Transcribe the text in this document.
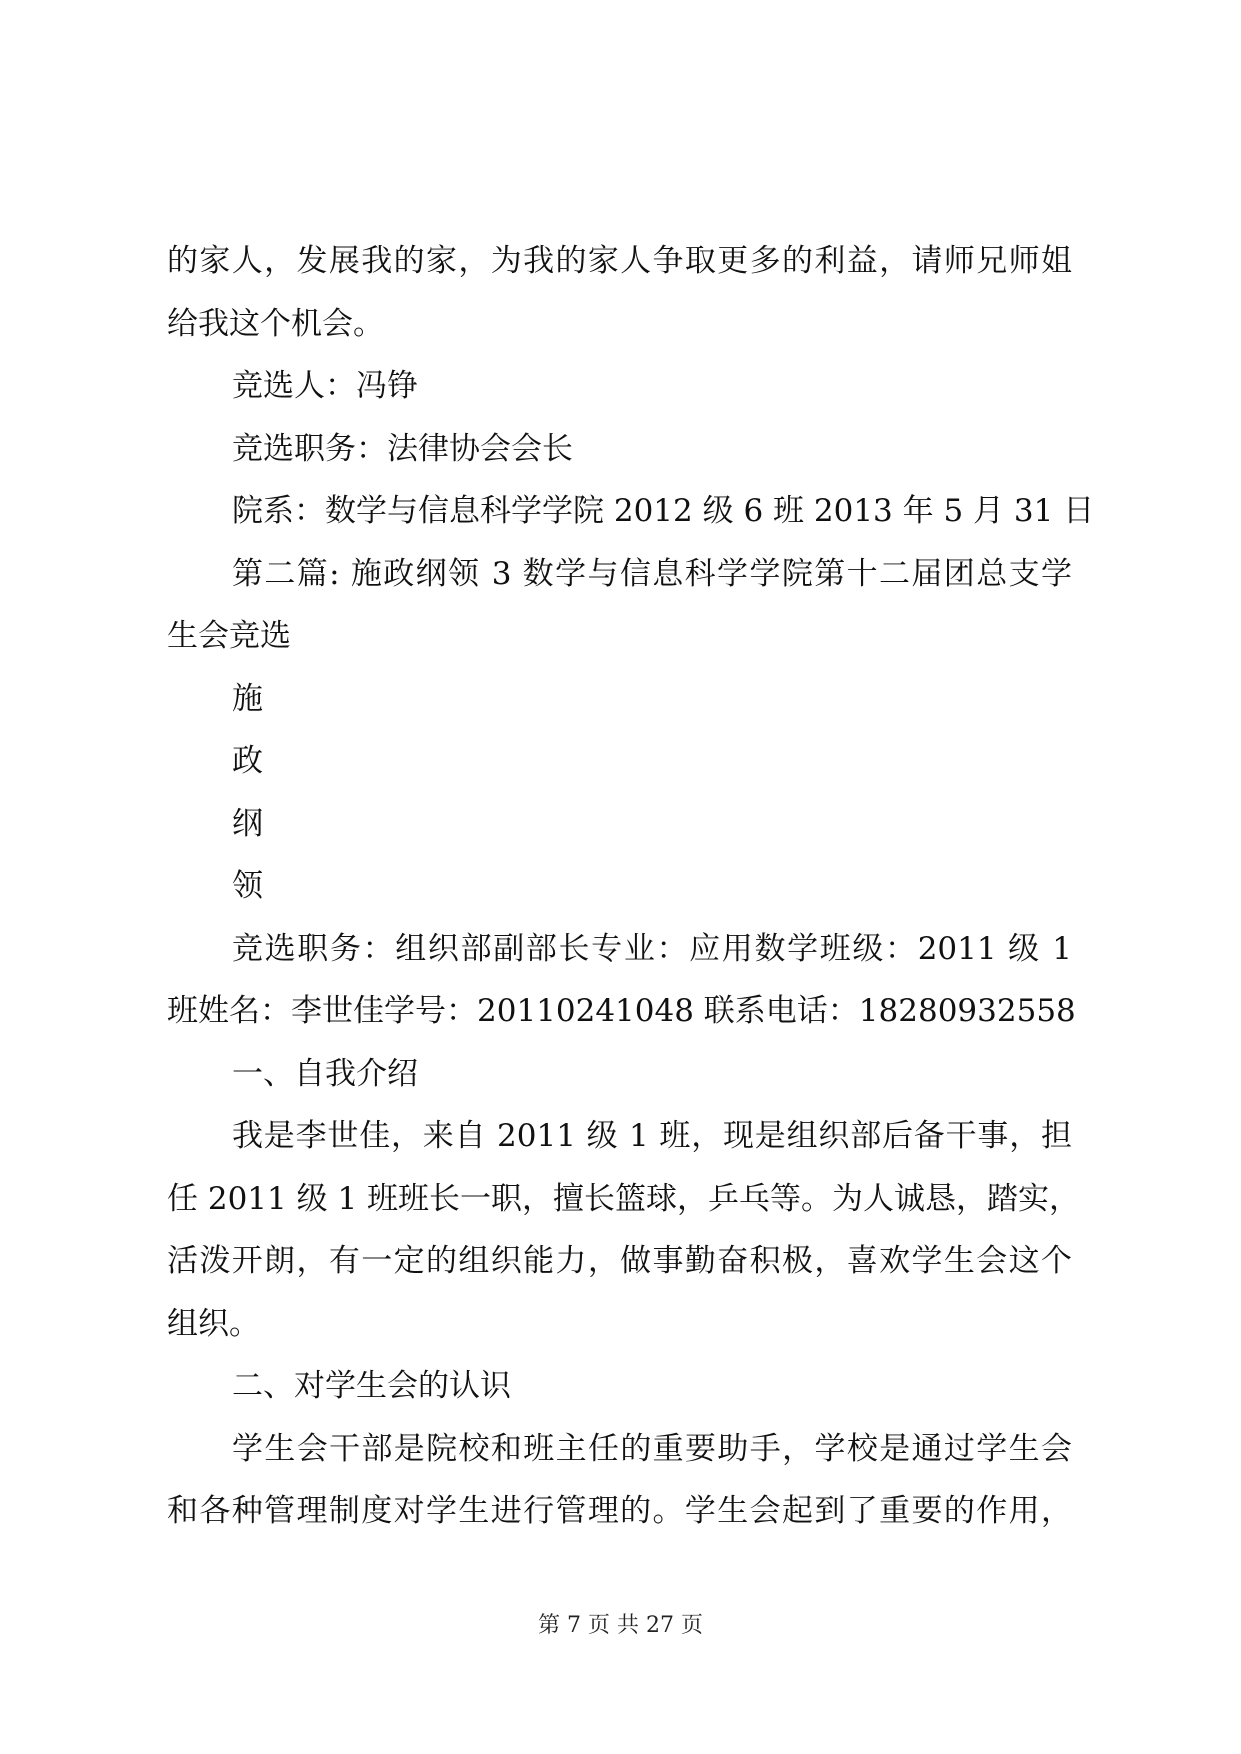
的家人，发展我的家，为我的家人争取更多的利益，请师兄师姐
给我这个机会。
竞选人：冯铮
竞选职务：法律协会会长
院系：数学与信息科学学院 2012 级 6 班 2013 年 5 月 31 日
第二篇: 施政纲领 3 数学与信息科学学院第十二届团总支学
生会竞选
施
政
纲
领
竞选职务：组织部副部长专业：应用数学班级：2011 级 1
班姓名：李世佳学号：20110241048 联系电话：18280932558
一、自我介绍
我是李世佳，来自 2011 级 1 班，现是组织部后备干事，担
任 2011 级 1 班班长一职，擅长篮球，乒乓等。为人诚恳，踏实，
活泼开朗，有一定的组织能力，做事勤奋积极，喜欢学生会这个
组织。
二、对学生会的认识
学生会干部是院校和班主任的重要助手，学校是通过学生会
和各种管理制度对学生进行管理的。学生会起到了重要的作用，
第 7 页 共 27 页
